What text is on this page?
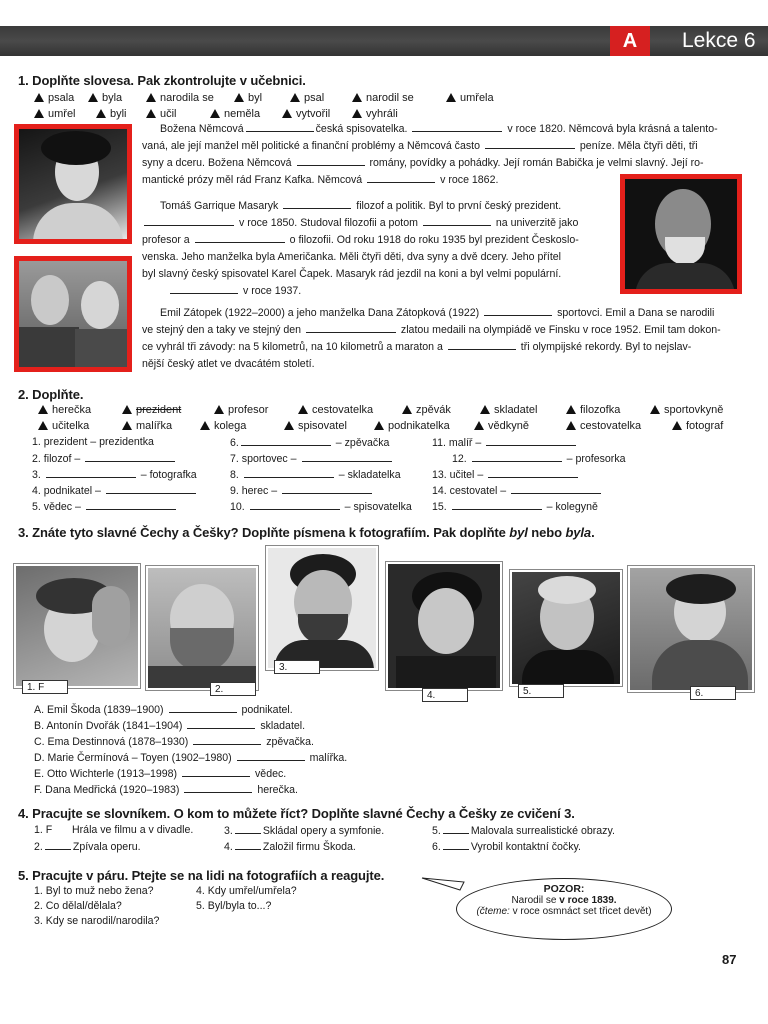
A	Lekce 6
1. Doplňte slovesa. Pak zkontrolujte v učebnici.
psala	byla	narodila se	byl	psal	narodil se	umřela
umřel	byli	učil	neměla	vytvořil	vyhráli
Božena Němcová	česká spisovatelka.	v roce 1820. Němcová byla krásná a talento-
vaná, ale její manžel měl politické a finanční problémy a Němcová často	peníze. Měla čtyři děti, tři
syny a dceru. Božena Němcová	romány, povídky a pohádky. Její román Babička je velmi slavný. Její ro-
mantické prózy měl rád Franz Kafka. Němcová	v roce 1862.
Tomáš Garrique Masaryk	filozof a politik. Byl to první český prezident.
v roce 1850. Studoval filozofii a potom	na univerzitě jako
profesor a	o filozofii. Od roku 1918 do roku 1935 byl prezident Českoslo-
venska. Jeho manželka byla Američanka. Měli čtyři děti, dva syny a dvě dcery. Jeho přítel
byl slavný český spisovatel Karel Čapek. Masaryk rád jezdil na koni a byl velmi populární.
v roce 1937.
Emil Zátopek (1922–2000) a jeho manželka Dana Zátopková (1922)	sportovci. Emil a Dana se narodili
ve stejný den a taky ve stejný den	zlatou medaili na olympiádě ve Finsku v roce 1952. Emil tam dokon-
ce vyhrál tři závody: na 5 kilometrů, na 10 kilometrů a maraton a	tři olympijské rekordy. Byl to nejslav-
nější český atlet ve dvacátém století.
2. Doplňte.
herečka	prezident	profesor	cestovatelka	zpěvák	skladatel	filozofka	sportovkyně
učitelka	malířka	kolega	spisovatel	podnikatelka	vědkyně	cestovatelka	fotograf
1. prezident – prezidentka
2. filozof –
3.	– fotografka
4. podnikatel –
5. vědec –
6.	– zpěvačka
7. sportovec –
8.	– skladatelka
9. herec –
10.	– spisovatelka
11. malíř –
12.	– profesorka
13. učitel –
14. cestovatel –
15.	– kolegyně
3. Znáte tyto slavné Čechy a Češky? Doplňte písmena k fotografiím. Pak doplňte byl nebo byla.
1. F	2.
3.
4.	5.	6.
A. Emil Škoda (1839–1900)	podnikatel.
B. Antonín Dvořák (1841–1904)	skladatel.
C. Ema Destinnová (1878–1930)	zpěvačka.
D. Marie Čermínová – Toyen (1902–1980)	malířka.
E. Otto Wichterle (1913–1998)	vědec.
F. Dana Medřická (1920–1983)	herečka.
4. Pracujte se slovníkem. O kom to můžete říct? Doplňte slavné Čechy a Češky ze cvičení 3.
1. F Hrála ve filmu a v divadle.
2.	Zpívala operu.
3.	Skládal opery a symfonie.
4.	Založil firmu Škoda.
5.	Malovala surrealistické obrazy.
6.	Vyrobil kontaktní čočky.
5. Pracujte v páru. Ptejte se na lidi na fotografiích a reagujte.
1. Byl to muž nebo žena?
2. Co dělal/dělala?
3. Kdy se narodil/narodila?
4. Kdy umřel/umřela?
5. Byl/byla to...?
POZOR:
Narodil se v roce 1839.
(čteme: v roce osmnáct set třicet devět)
87
